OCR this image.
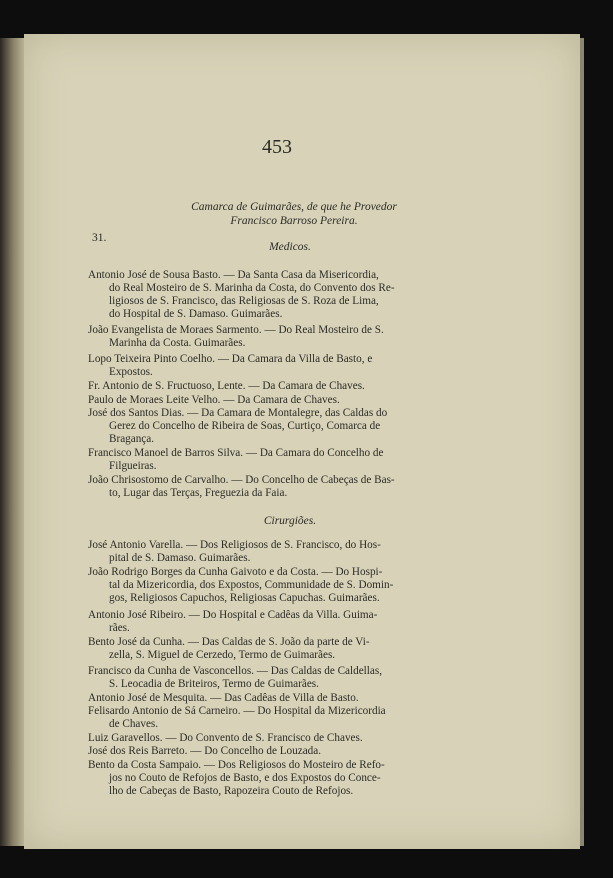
453
Camarca de Guimarães, de que he Provedor
Francisco Barroso Pereira.
31.
Medicos.
Antonio José de Sousa Basto. — Da Santa Casa da Misericordia,
do Real Mosteiro de S. Marinha da Costa, do Convento dos Re-
ligiosos de S. Francisco, das Religiosas de S. Roza de Lima,
do Hospital de S. Damaso. Guimarães.
João Evangelista de Moraes Sarmento. — Do Real Mosteiro de S.
Marinha da Costa. Guimarães.
Lopo Teixeira Pinto Coelho. — Da Camara da Villa de Basto, e
Expostos.
Fr. Antonio de S. Fructuoso, Lente. — Da Camara de Chaves.
Paulo de Moraes Leite Velho. — Da Camara de Chaves.
José dos Santos Dias. — Da Camara de Montalegre, das Caldas do
Gerez do Concelho de Ribeira de Soas, Curtiço, Comarca de
Bragança.
Francisco Manoel de Barros Silva. — Da Camara do Concelho de
Filgueiras.
João Chrisostomo de Carvalho. — Do Concelho de Cabeças de Bas-
to, Lugar das Terças, Freguezia da Faia.
Cirurgiões.
José Antonio Varella. — Dos Religiosos de S. Francisco, do Hos-
pital de S. Damaso. Guimarães.
João Rodrigo Borges da Cunha Gaivoto e da Costa. — Do Hospi-
tal da Mizericordia, dos Expostos, Communidade de S. Domin-
gos, Religiosos Capuchos, Religiosas Capuchas. Guimarães.
Antonio José Ribeiro. — Do Hospital e Cadêas da Villa. Guima-
rães.
Bento José da Cunha. — Das Caldas de S. João da parte de Vi-
zella, S. Miguel de Cerzedo, Termo de Guimarães.
Francisco da Cunha de Vasconcellos. — Das Caldas de Caldellas,
S. Leocadia de Briteiros, Termo de Guimarães.
Antonio José de Mesquita. — Das Cadêas de Villa de Basto.
Felisardo Antonio de Sá Carneiro. — Do Hospital da Mizericordia
de Chaves.
Luiz Garavellos. — Do Convento de S. Francisco de Chaves.
José dos Reis Barreto. — Do Concelho de Louzada.
Bento da Costa Sampaio. — Dos Religiosos do Mosteiro de Refo-
jos no Couto de Refojos de Basto, e dos Expostos do Conce-
lho de Cabeças de Basto, Rapozeira Couto de Refojos.
